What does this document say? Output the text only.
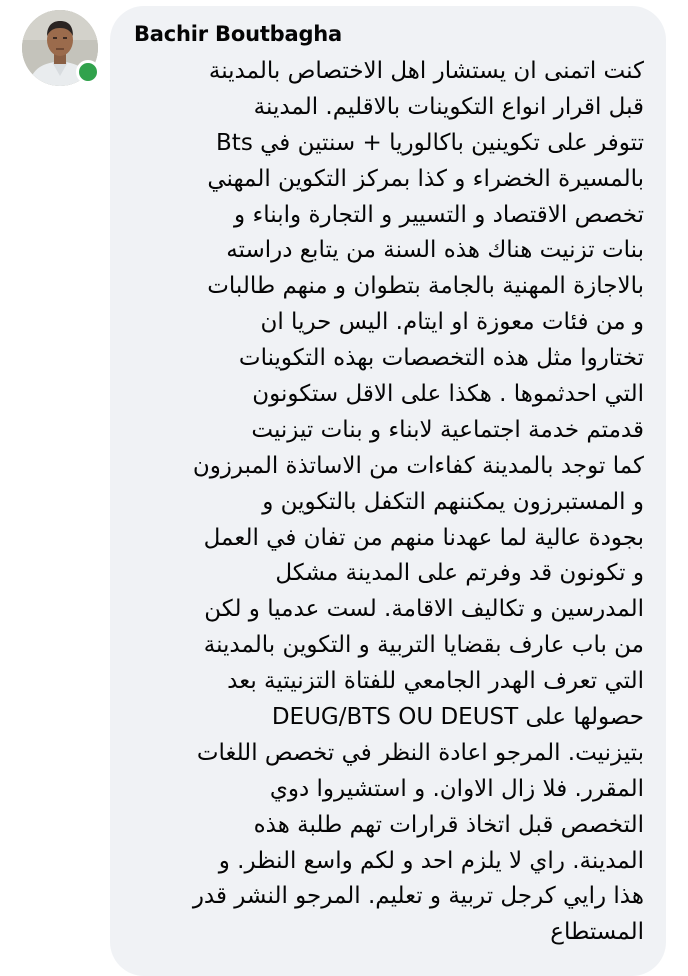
Bachir Boutbagha
كنت اتمنى ان يستشار اهل الاختصاص بالمدينة
قبل اقرار انواع التكوينات بالاقليم. المدينة
تتوفر على تكوينين باكالوريا + سنتين في Bts
بالمسيرة الخضراء و كذا بمركز التكوين المهني
تخصص الاقتصاد و التسيير و التجارة وابناء و
بنات تزنيت هناك هذه السنة من يتابع دراسته
بالاجازة المهنية بالجامة بتطوان و منهم طالبات
و من فئات معوزة او ايتام. اليس حريا ان
تختاروا مثل هذه التخصصات بهذه التكوينات
التي احدثموها . هكذا على الاقل ستكونون
قدمتم خدمة اجتماعية لابناء و بنات تيزنيت
كما توجد بالمدينة كفاءات من الاساتذة المبرزون
و المستبرزون يمكننهم التكفل بالتكوين و
بجودة عالية لما عهدنا منهم من تفان في العمل
و تكونون قد وفرتم على المدينة مشكل
المدرسين و تكاليف الاقامة. لست عدميا و لكن
من باب عارف بقضايا التربية و التكوين بالمدينة
التي تعرف الهدر الجامعي للفتاة التزنيتية بعد
حصولها على DEUG/BTS OU DEUST
بتيزنيت. المرجو اعادة النظر في تخصص اللغات
المقرر. فلا زال الاوان. و استشيروا دوي
التخصص قبل اتخاذ قرارات تهم طلبة هذه
المدينة. راي لا يلزم احد و لكم واسع النظر. و
هذا رايي كرجل تربية و تعليم. المرجو النشر قدر
المستطاع
